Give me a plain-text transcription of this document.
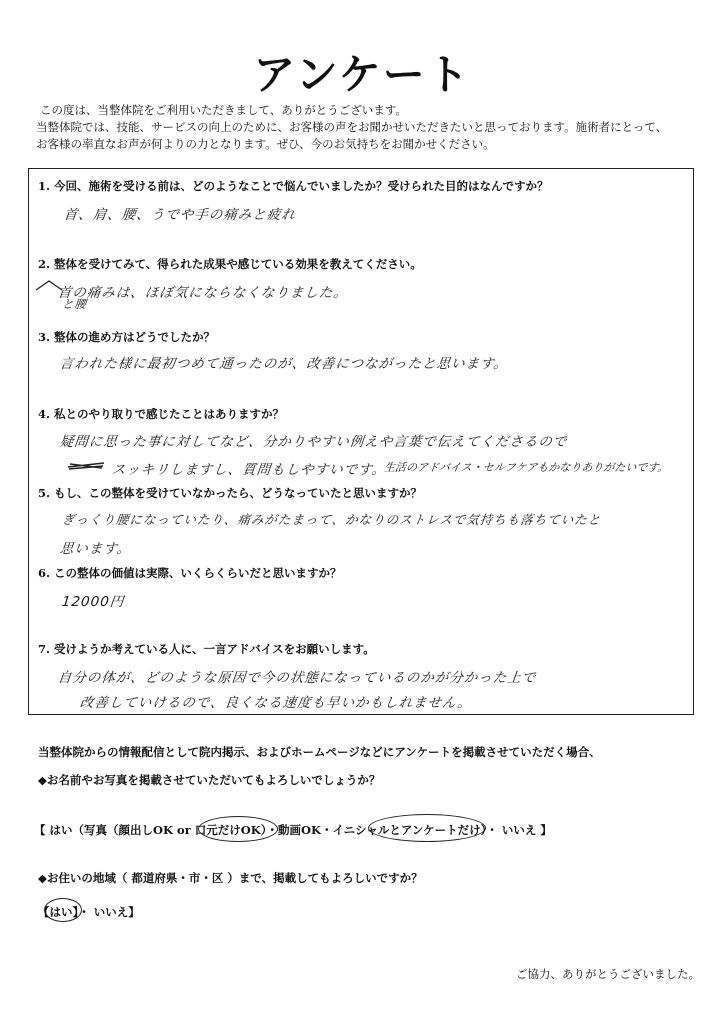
アンケート
この度は、当整体院をご利用いただきまして、ありがとうございます。
当整体院では、技能、サービスの向上のために、お客様の声をお聞かせいただきたいと思っております。施術者にとって、
お客様の率直なお声が何よりの力となります。ぜひ、今のお気持ちをお聞かせください。
1. 今回、施術を受ける前は、どのようなことで悩んでいましたか？受けられた目的はなんですか？
首、肩、腰、うでや手の痛みと疲れ
2. 整体を受けてみて、得られた成果や感じている効果を教えてください。
首の痛みは、ほぼ気にならなくなりました。
と腰
3. 整体の進め方はどうでしたか？
言われた様に最初つめて通ったのが、改善につながったと思います。
4. 私とのやり取りで感じたことはありますか？
疑問に思った事に対してなど、分かりやすい例えや言葉で伝えてくださるので
スッキリしますし、質問もしやすいです。
生活のアドバイス・セルフケアもかなりありがたいです。
5. もし、この整体を受けていなかったら、どうなっていたと思いますか？
ぎっくり腰になっていたり、痛みがたまって、かなりのストレスで気持ちも落ちていたと
思います。
6. この整体の価値は実際、いくらくらいだと思いますか？
12000円
7. 受けようか考えている人に、一言アドバイスをお願いします。
自分の体が、どのような原因で今の状態になっているのかが分かった上で
改善していけるので、良くなる速度も早いかもしれません。
当整体院からの情報配信として院内掲示、およびホームページなどにアンケートを掲載させていただく場合、
◆お名前やお写真を掲載させていただいてもよろしいでしょうか？
【 はい（写真（顔出しOK or 口元だけOK）・動画OK・イニシャルとアンケートだけ）・ いいえ 】
◆お住いの地域（ 都道府県・市・区 ）まで、掲載してもよろしいですか？
【はい】・ いいえ】
ご協力、ありがとうございました。
